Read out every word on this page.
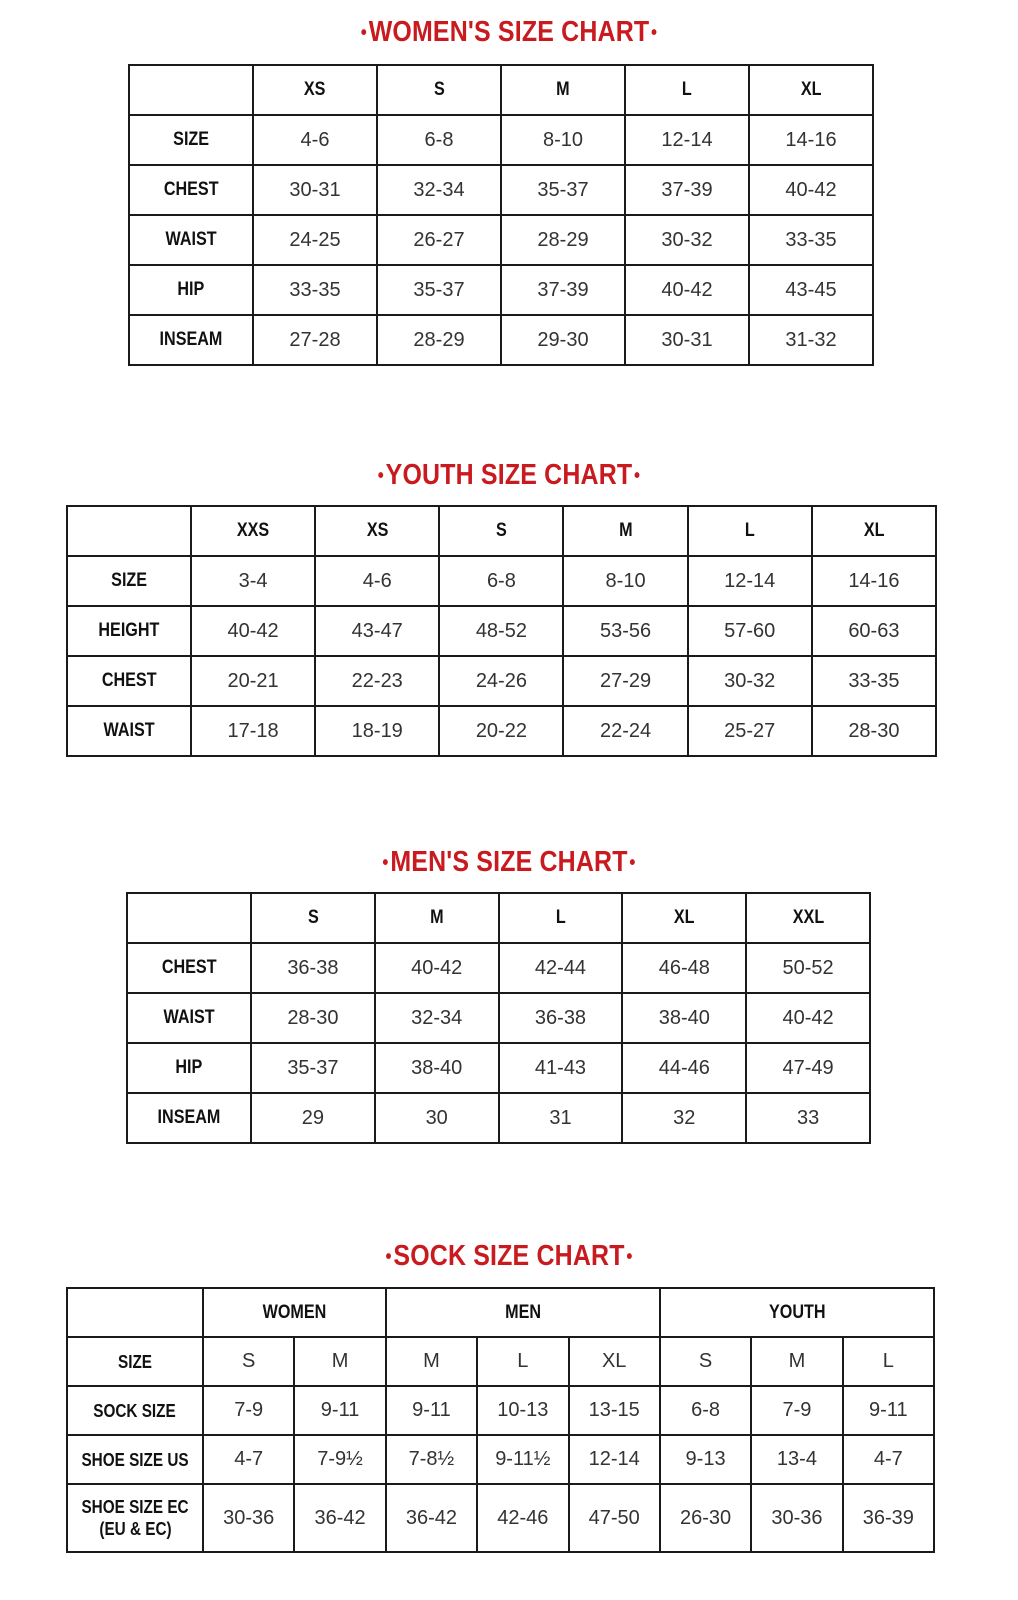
•WOMEN'S SIZE CHART•
	XS	S	M	L	XL
SIZE	4-6	6-8	8-10	12-14	14-16
CHEST	30-31	32-34	35-37	37-39	40-42
WAIST	24-25	26-27	28-29	30-32	33-35
HIP	33-35	35-37	37-39	40-42	43-45
INSEAM	27-28	28-29	29-30	30-31	31-32
•YOUTH SIZE CHART•
	XXS	XS	S	M	L	XL
SIZE	3-4	4-6	6-8	8-10	12-14	14-16
HEIGHT	40-42	43-47	48-52	53-56	57-60	60-63
CHEST	20-21	22-23	24-26	27-29	30-32	33-35
WAIST	17-18	18-19	20-22	22-24	25-27	28-30
•MEN'S SIZE CHART•
	S	M	L	XL	XXL
CHEST	36-38	40-42	42-44	46-48	50-52
WAIST	28-30	32-34	36-38	38-40	40-42
HIP	35-37	38-40	41-43	44-46	47-49
INSEAM	29	30	31	32	33
•SOCK SIZE CHART•
	WOMEN		MEN			YOUTH		
SIZE	S	M	M	L	XL	S	M	L
SOCK SIZE	7-9	9-11	9-11	10-13	13-15	6-8	7-9	9-11
SHOE SIZE US	4-7	7-9½	7-8½	9-11½	12-14	9-13	13-4	4-7
SHOE SIZE EC
(EU & EC)	30-36	36-42	36-42	42-46	47-50	26-30	30-36	36-39
